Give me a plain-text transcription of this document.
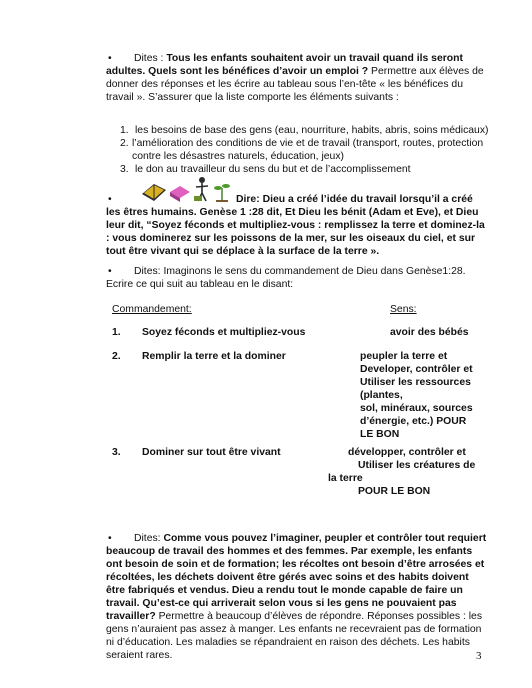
• Dites : Tous les enfants souhaitent avoir un travail quand ils seront adultes. Quels sont les bénéfices d’avoir un emploi ? Permettre aux élèves de donner des réponses et les écrire au tableau sous l’en-tête « les bénéfices du travail ». S’assurer que la liste comporte les éléments suivants :

1. les besoins de base des gens (eau, nourriture, habits, abris, soins médicaux)
2. l’amélioration des conditions de vie et de travail (transport, routes, protection contre les désastres naturels, éducation, jeux)
3. le don au travailleur du sens du but et de l’accomplissement

•	Dire: Dieu a créé l’idée du travail lorsqu’il a créé les êtres humains. Genèse 1 :28 dit, Et Dieu les bénit (Adam et Eve), et Dieu leur dit, “Soyez féconds et multipliez-vous : remplissez la terre et dominez-la : vous dominerez sur les poissons de la mer, sur les oiseaux du ciel, et sur tout être vivant qui se déplace à la surface de la terre ».

• Dites: Imaginons le sens du commandement de Dieu dans Genèse1:28. Ecrire ce qui suit au tableau en le disant:

Commandement:	Sens:
1. Soyez féconds et multipliez-vous	avoir des bébés
2. Remplir la terre et la dominer	peupler la terre et
Developer, contrôler et
Utiliser les ressources
(plantes,
sol, minéraux, sources
d’énergie, etc.) POUR
LE BON
3. Dominer sur tout être vivant	développer, contrôler et
Utiliser les créatures de
la terre
POUR LE BON

• Dites: Comme vous pouvez l’imaginer, peupler et contrôler tout requiert beaucoup de travail des hommes et des femmes. Par exemple, les enfants ont besoin de soin et de formation; les récoltes ont besoin d’être arrosées et récoltées, les déchets doivent être gérés avec soins et des habits doivent être fabriqués et vendus. Dieu a rendu tout le monde capable de faire un travail. Qu’est-ce qui arriverait selon vous si les gens ne pouvaient pas travailler? Permettre à beaucoup d’élèves de répondre. Réponses possibles : les gens n’auraient pas assez à manger. Les enfants ne recevraient pas de formation ni d’éducation. Les maladies se répandraient en raison des déchets. Les habits seraient rares.	3
